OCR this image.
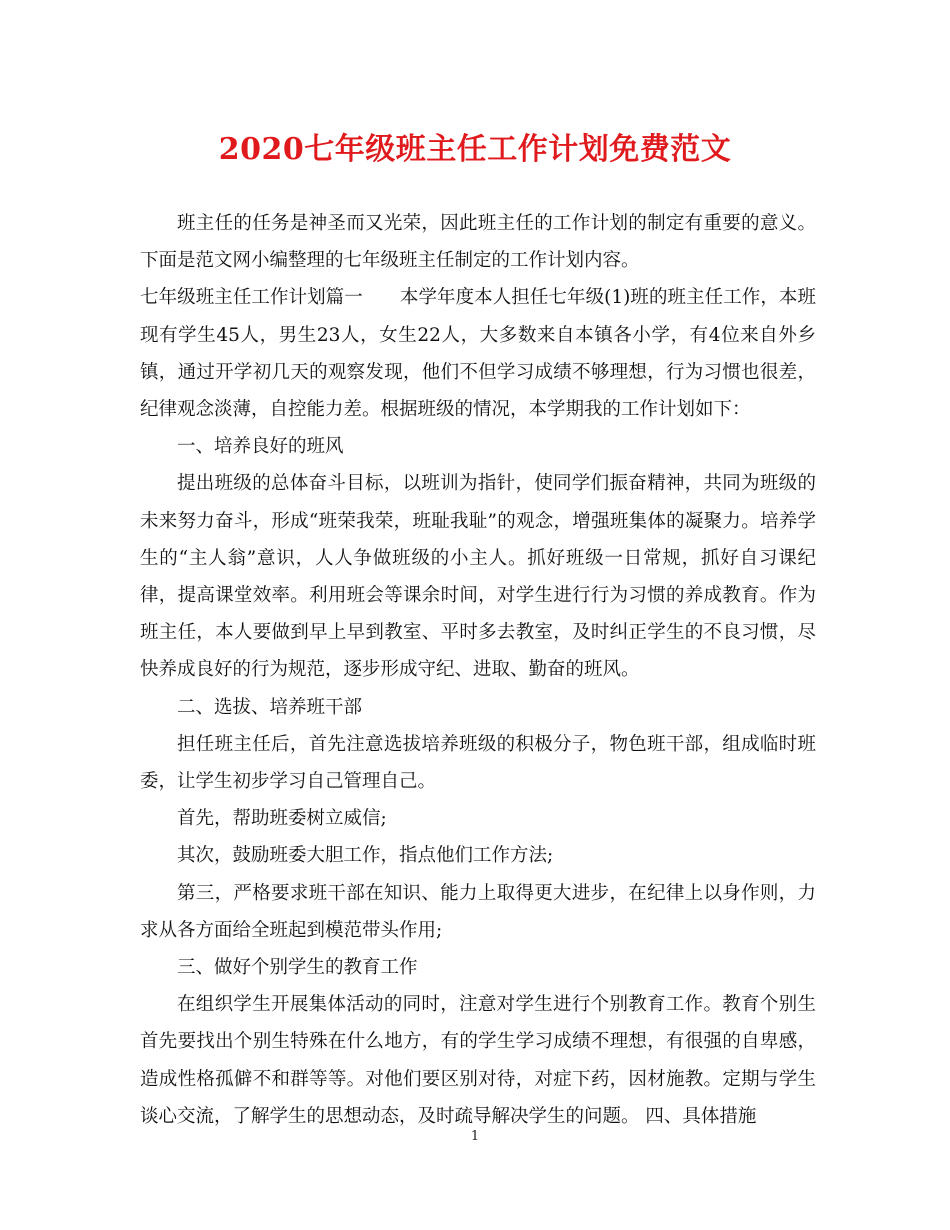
2020七年级班主任工作计划免费范文

班主任的任务是神圣而又光荣，因此班主任的工作计划的制定有重要的意义。下面是范文网小编整理的七年级班主任制定的工作计划内容。

七年级班主任工作计划篇一　　本学年度本人担任七年级(1)班的班主任工作，本班现有学生45人，男生23人，女生22人，大多数来自本镇各小学，有4位来自外乡镇，通过开学初几天的观察发现，他们不但学习成绩不够理想，行为习惯也很差，纪律观念淡薄，自控能力差。根据班级的情况，本学期我的工作计划如下：

一、培养良好的班风

提出班级的总体奋斗目标，以班训为指针，使同学们振奋精神，共同为班级的未来努力奋斗，形成“班荣我荣，班耻我耻”的观念，增强班集体的凝聚力。培养学生的“主人翁”意识，人人争做班级的小主人。抓好班级一日常规，抓好自习课纪律，提高课堂效率。利用班会等课余时间，对学生进行行为习惯的养成教育。作为班主任，本人要做到早上早到教室、平时多去教室，及时纠正学生的不良习惯，尽快养成良好的行为规范，逐步形成守纪、进取、勤奋的班风。

二、选拔、培养班干部

担任班主任后，首先注意选拔培养班级的积极分子，物色班干部，组成临时班委，让学生初步学习自己管理自己。

首先，帮助班委树立威信;

其次，鼓励班委大胆工作，指点他们工作方法;

第三，严格要求班干部在知识、能力上取得更大进步，在纪律上以身作则，力求从各方面给全班起到模范带头作用;

三、做好个别学生的教育工作

在组织学生开展集体活动的同时，注意对学生进行个别教育工作。教育个别生首先要找出个别生特殊在什么地方，有的学生学习成绩不理想，有很强的自卑感，造成性格孤僻不和群等等。对他们要区别对待，对症下药，因材施教。定期与学生谈心交流，了解学生的思想动态，及时疏导解决学生的问题。 四、具体措施

1
